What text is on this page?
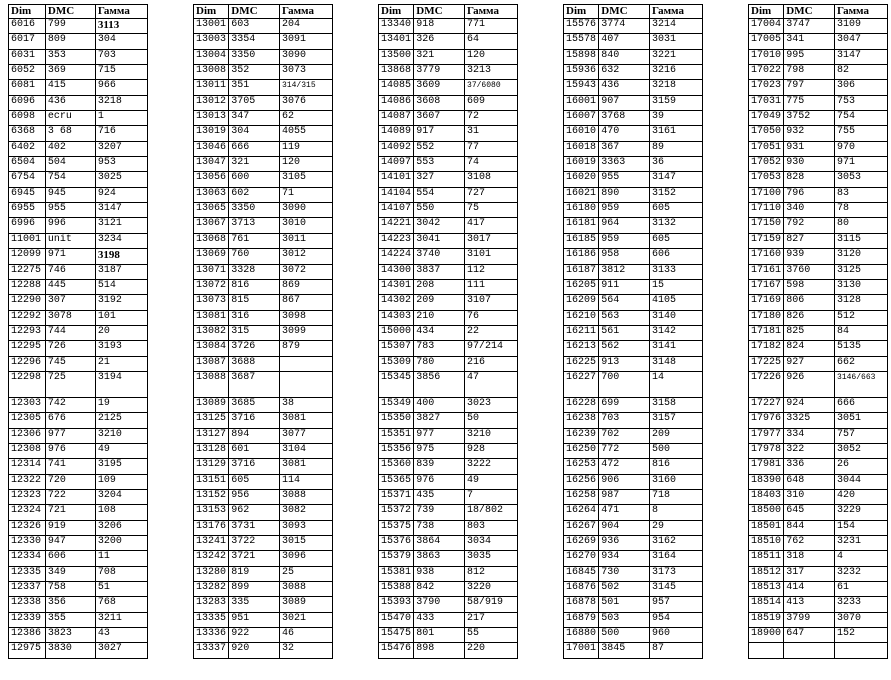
Dim	DMC	Гамма
6016	799	3113
6017	809	304
6031	353	703
6052	369	715
6081	415	966
6096	436	3218
6098	ecru	1
6368	3 68	716
6402	402	3207
6504	504	953
6754	754	3025
6945	945	924
6955	955	3147
6996	996	3121
11001	unit	3234
12099	971	3198
12275	746	3187
12288	445	514
12290	307	3192
12292	3078	101
12293	744	20
12295	726	3193
12296	745	21
12298	725	3194
12303	742	19
12305	676	2125
12306	977	3210
12308	976	49
12314	741	3195
12322	720	109
12323	722	3204
12324	721	108
12326	919	3206
12330	947	3200
12334	606	11
12335	349	708
12337	758	51
12338	356	768
12339	355	3211
12386	3823	43
12975	3830	3027
Dim	DMC	Гамма
13001	603	204
13003	3354	3091
13004	3350	3090
13008	352	3073
13011	351	314/315
13012	3705	3076
13013	347	62
13019	304	4055
13046	666	119
13047	321	120
13056	600	3105
13063	602	71
13065	3350	3090
13067	3713	3010
13068	761	3011
13069	760	3012
13071	3328	3072
13072	816	869
13073	815	867
13081	316	3098
13082	315	3099
13084	3726	879
13087	3688	
13088	3687	
13089	3685	38
13125	3716	3081
13127	894	3077
13128	601	3104
13129	3716	3081
13151	605	114
13152	956	3088
13153	962	3082
13176	3731	3093
13241	3722	3015
13242	3721	3096
13280	819	25
13282	899	3088
13283	335	3089
13335	951	3021
13336	922	46
13337	920	32
Dim	DMC	Гамма
13340	918	771
13401	326	64
13500	321	120
13868	3779	3213
14085	3609	37/6080
14086	3608	609
14087	3607	72
14089	917	31
14092	552	77
14097	553	74
14101	327	3108
14104	554	727
14107	550	75
14221	3042	417
14223	3041	3017
14224	3740	3101
14300	3837	112
14301	208	111
14302	209	3107
14303	210	76
15000	434	22
15307	783	97/214
15309	780	216
15345	3856	47
15349	400	3023
15350	3827	50
15351	977	3210
15356	975	928
15360	839	3222
15365	976	49
15371	435	7
15372	739	18/802
15375	738	803
15376	3864	3034
15379	3863	3035
15381	938	812
15388	842	3220
15393	3790	58/919
15470	433	217
15475	801	55
15476	898	220
Dim	DMC	Гамма
15576	3774	3214
15578	407	3031
15898	840	3221
15936	632	3216
15943	436	3218
16001	907	3159
16007	3768	39
16010	470	3161
16018	367	89
16019	3363	36
16020	955	3147
16021	890	3152
16180	959	605
16181	964	3132
16185	959	605
16186	958	606
16187	3812	3133
16205	911	15
16209	564	4105
16210	563	3140
16211	561	3142
16213	562	3141
16225	913	3148
16227	700	14
16228	699	3158
16238	703	3157
16239	702	209
16250	772	500
16253	472	816
16256	906	3160
16258	987	718
16264	471	8
16267	904	29
16269	936	3162
16270	934	3164
16845	730	3173
16876	502	3145
16878	501	957
16879	503	954
16880	500	960
17001	3845	87
Dim	DMC	Гамма
17004	3747	3109
17005	341	3047
17010	995	3147
17022	798	82
17023	797	306
17031	775	753
17049	3752	754
17050	932	755
17051	931	970
17052	930	971
17053	828	3053
17100	796	83
17110	340	78
17150	792	80
17159	827	3115
17160	939	3120
17161	3760	3125
17167	598	3130
17169	806	3128
17180	826	512
17181	825	84
17182	824	5135
17225	927	662
17226	926	3146/663
17227	924	666
17976	3325	3051
17977	334	757
17978	322	3052
17981	336	26
18390	648	3044
18403	310	420
18500	645	3229
18501	844	154
18510	762	3231
18511	318	4
18512	317	3232
18513	414	61
18514	413	3233
18519	3799	3070
18900	647	152
